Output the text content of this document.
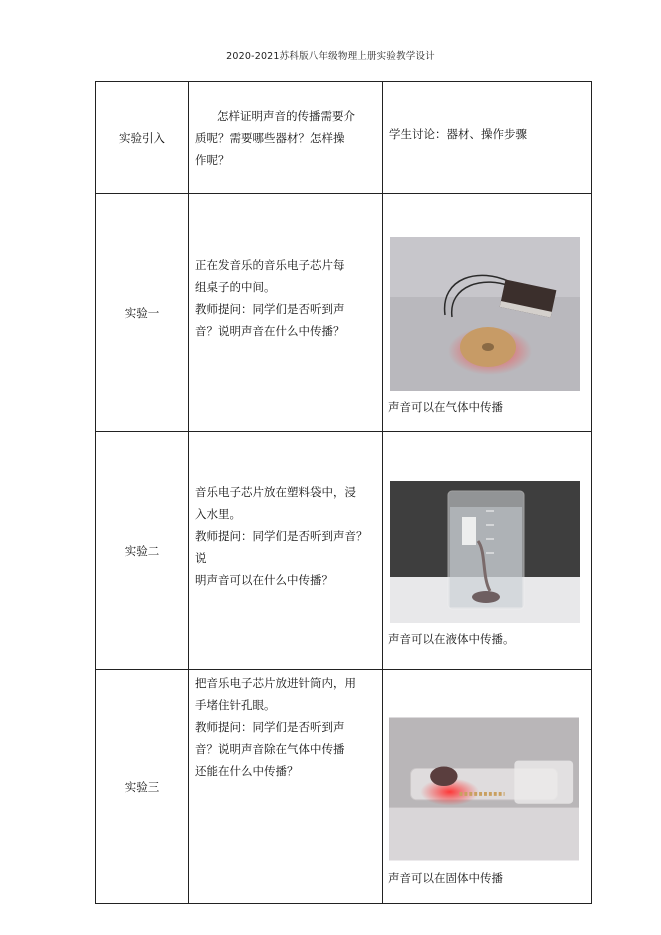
2020-2021苏科版八年级物理上册实验教学设计
实验引入	怎样证明声音的传播需要介
质呢？需要哪些器材？怎样操
作呢？	学生讨论：器材、操作步骤
实验一	正在发音乐的音乐电子芯片每
组桌子的中间。
教师提问：同学们是否听到声
音？说明声音在什么中传播？	声音可以在气体中传播

实验二	音乐电子芯片放在塑料袋中，浸
入水里。
教师提问：同学们是否听到声音？说
明声音可以在什么中传播？	声音可以在液体中传播。

实验三	把音乐电子芯片放进针筒内，用
手堵住针孔眼。
教师提问：同学们是否听到声
音？说明声音除在气体中传播
还能在什么中传播？	声音可以在固体中传播
